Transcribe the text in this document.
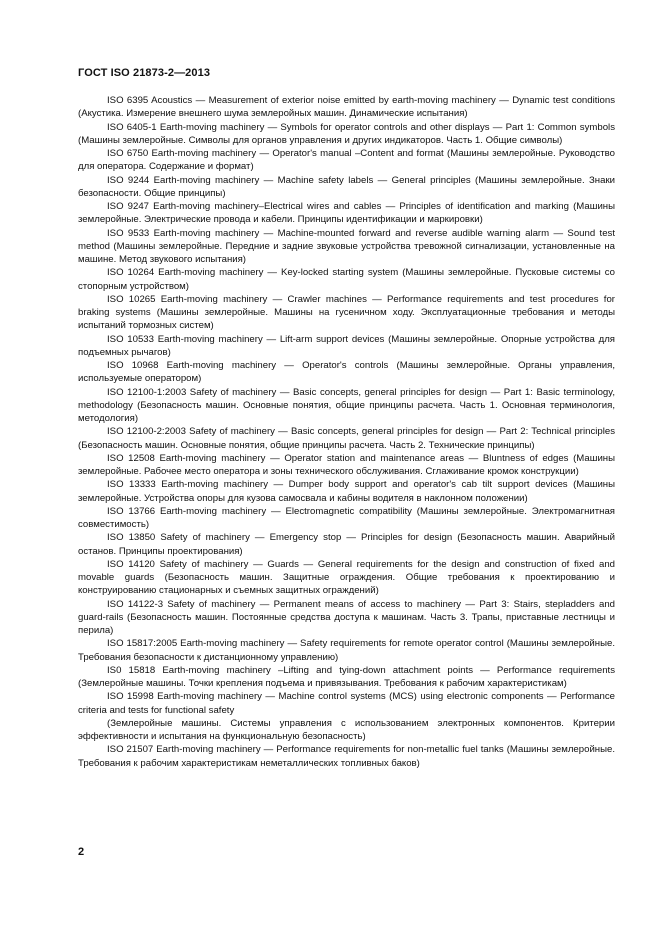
ГОСТ ISO 21873-2—2013

ISO 6395 Acoustics — Measurement of exterior noise emitted by earth-moving machinery — Dynamic test conditions (Акустика. Измерение внешнего шума землеройных машин. Динамические испытания)

ISO 6405-1 Earth-moving machinery — Symbols for operator controls and other displays — Part 1: Common symbols (Машины землеройные. Символы для органов управления и других индикаторов. Часть 1. Общие символы)

ISO 6750 Earth-moving machinery — Operator's manual –Content and format (Машины землеройные. Руководство для оператора. Содержание и формат)

ISO 9244 Earth-moving machinery — Machine safety labels — General principles (Машины землеройные. Знаки безопасности. Общие принципы)

ISO 9247 Earth-moving machinery–Electrical wires and cables — Principles of identification and marking (Машины землеройные. Электрические провода и кабели. Принципы идентификации и маркировки)

ISO 9533 Earth-moving machinery — Machine-mounted forward and reverse audible warning alarm — Sound test method (Машины землеройные. Передние и задние звуковые устройства тревожной сигнализации, установленные на машине. Метод звукового испытания)

ISO 10264 Earth-moving machinery — Key-locked starting system (Машины землеройные. Пусковые системы со стопорным устройством)

ISO 10265 Earth-moving machinery — Crawler machines — Performance requirements and test procedures for braking systems (Машины землеройные. Машины на гусеничном ходу. Эксплуатационные требования и методы испытаний тормозных систем)

ISO 10533 Earth-moving machinery — Lift-arm support devices (Машины землеройные. Опорные устройства для подъемных рычагов)

ISO 10968 Earth-moving machinery — Operator's controls (Машины землеройные. Органы управления, используемые оператором)

ISO 12100-1:2003 Safety of machinery — Basic concepts, general principles for design — Part 1: Basic terminology, methodology (Безопасность машин. Основные понятия, общие принципы расчета. Часть 1. Основная терминология, методология)

ISO 12100-2:2003 Safety of machinery — Basic concepts, general principles for design — Part 2: Technical principles (Безопасность машин. Основные понятия, общие принципы расчета. Часть 2. Технические принципы)

ISO 12508 Earth-moving machinery — Operator station and maintenance areas — Bluntness of edges (Машины землеройные. Рабочее место оператора и зоны технического обслуживания. Сглаживание кромок конструкции)

ISO 13333 Earth-moving machinery — Dumper body support and operator's cab tilt support devices (Машины землеройные. Устройства опоры для кузова самосвала и кабины водителя в наклонном положении)

ISO 13766 Earth-moving machinery — Electromagnetic compatibility (Машины землеройные. Электромагнитная совместимость)

ISO 13850 Safety of machinery — Emergency stop — Principles for design (Безопасность машин. Аварийный останов. Принципы проектирования)

ISO 14120 Safety of machinery — Guards — General requirements for the design and construction of fixed and movable guards (Безопасность машин. Защитные ограждения. Общие требования к проектированию и конструированию стационарных и съемных защитных ограждений)

ISO 14122-3 Safety of machinery — Permanent means of access to machinery — Part 3: Stairs, stepladders and guard-rails (Безопасность машин. Постоянные средства доступа к машинам. Часть 3. Трапы, приставные лестницы и перила)

ISO 15817:2005 Earth-moving machinery — Safety requirements for remote operator control (Машины землеройные. Требования безопасности к дистанционному управлению)

IS0 15818 Earth-moving machinery –Lifting and tying-down attachment points — Performance requirements (Землеройные машины. Точки крепления подъема и привязывания. Требования к рабочим характеристикам)

ISO 15998 Earth-moving machinery — Machine control systems (MCS) using electronic components — Performance criteria and tests for functional safety
(Землеройные машины. Системы управления с использованием электронных компонентов. Критерии эффективности и испытания на функциональную безопасность)

ISO 21507 Earth-moving machinery — Performance requirements for non-metallic fuel tanks (Машины землеройные. Требования к рабочим характеристикам неметаллических топливных баков)

2
